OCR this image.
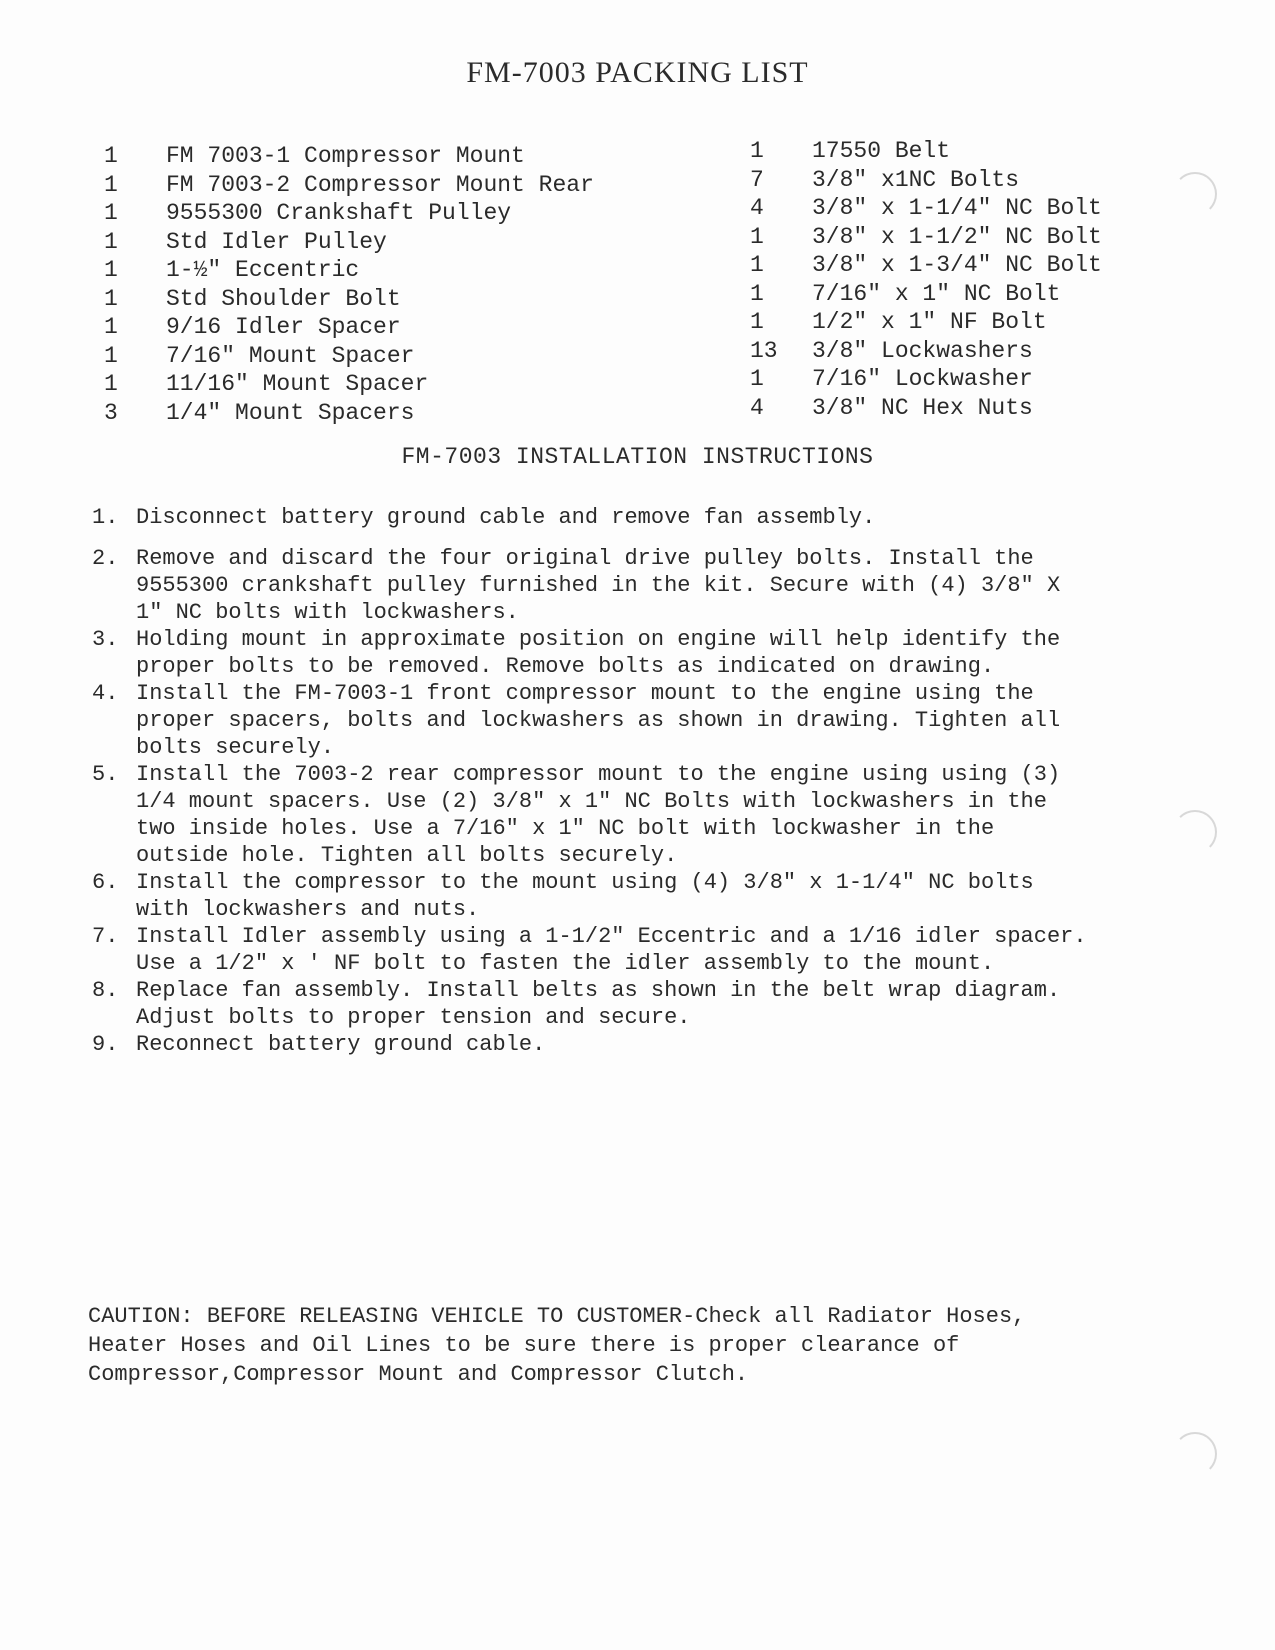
FM-7003 PACKING LIST
1	FM 7003-1 Compressor Mount
1	FM 7003-2 Compressor Mount Rear
1	9555300 Crankshaft Pulley
1	Std Idler Pulley
1	1-½" Eccentric
1	Std Shoulder Bolt
1	9/16 Idler Spacer
1	7/16" Mount Spacer
1	11/16" Mount Spacer
3	1/4" Mount Spacers
1	17550 Belt
7	3/8" x1NC Bolts
4	3/8" x 1-1/4" NC Bolt
1	3/8" x 1-1/2" NC Bolt
1	3/8" x 1-3/4" NC Bolt
1	7/16" x 1" NC Bolt
1	1/2" x 1" NF Bolt
13	3/8" Lockwashers
1	7/16" Lockwasher
4	3/8" NC Hex Nuts
FM-7003 INSTALLATION INSTRUCTIONS
1. Disconnect battery ground cable and remove fan assembly.
2. Remove and discard the four original drive pulley bolts. Install the 9555300 crankshaft pulley furnished in the kit. Secure with (4) 3/8" X 1" NC bolts with lockwashers.
3. Holding mount in approximate position on engine will help identify the proper bolts to be removed. Remove bolts as indicated on drawing.
4. Install the FM-7003-1 front compressor mount to the engine using the proper spacers, bolts and lockwashers as shown in drawing. Tighten all bolts securely.
5. Install the 7003-2 rear compressor mount to the engine using using (3) 1/4 mount spacers. Use (2) 3/8" x 1" NC Bolts with lockwashers in the two inside holes. Use a 7/16" x 1" NC bolt with lockwasher in the outside hole. Tighten all bolts securely.
6. Install the compressor to the mount using (4) 3/8" x 1-1/4" NC bolts with lockwashers and nuts.
7. Install Idler assembly using a 1-1/2" Eccentric and a 1/16 idler spacer. Use a 1/2" x ' NF bolt to fasten the idler assembly to the mount.
8. Replace fan assembly. Install belts as shown in the belt wrap diagram. Adjust bolts to proper tension and secure.
9. Reconnect battery ground cable.
CAUTION: BEFORE RELEASING VEHICLE TO CUSTOMER-Check all Radiator Hoses, Heater Hoses and Oil Lines to be sure there is proper clearance of Compressor,Compressor Mount and Compressor Clutch.
